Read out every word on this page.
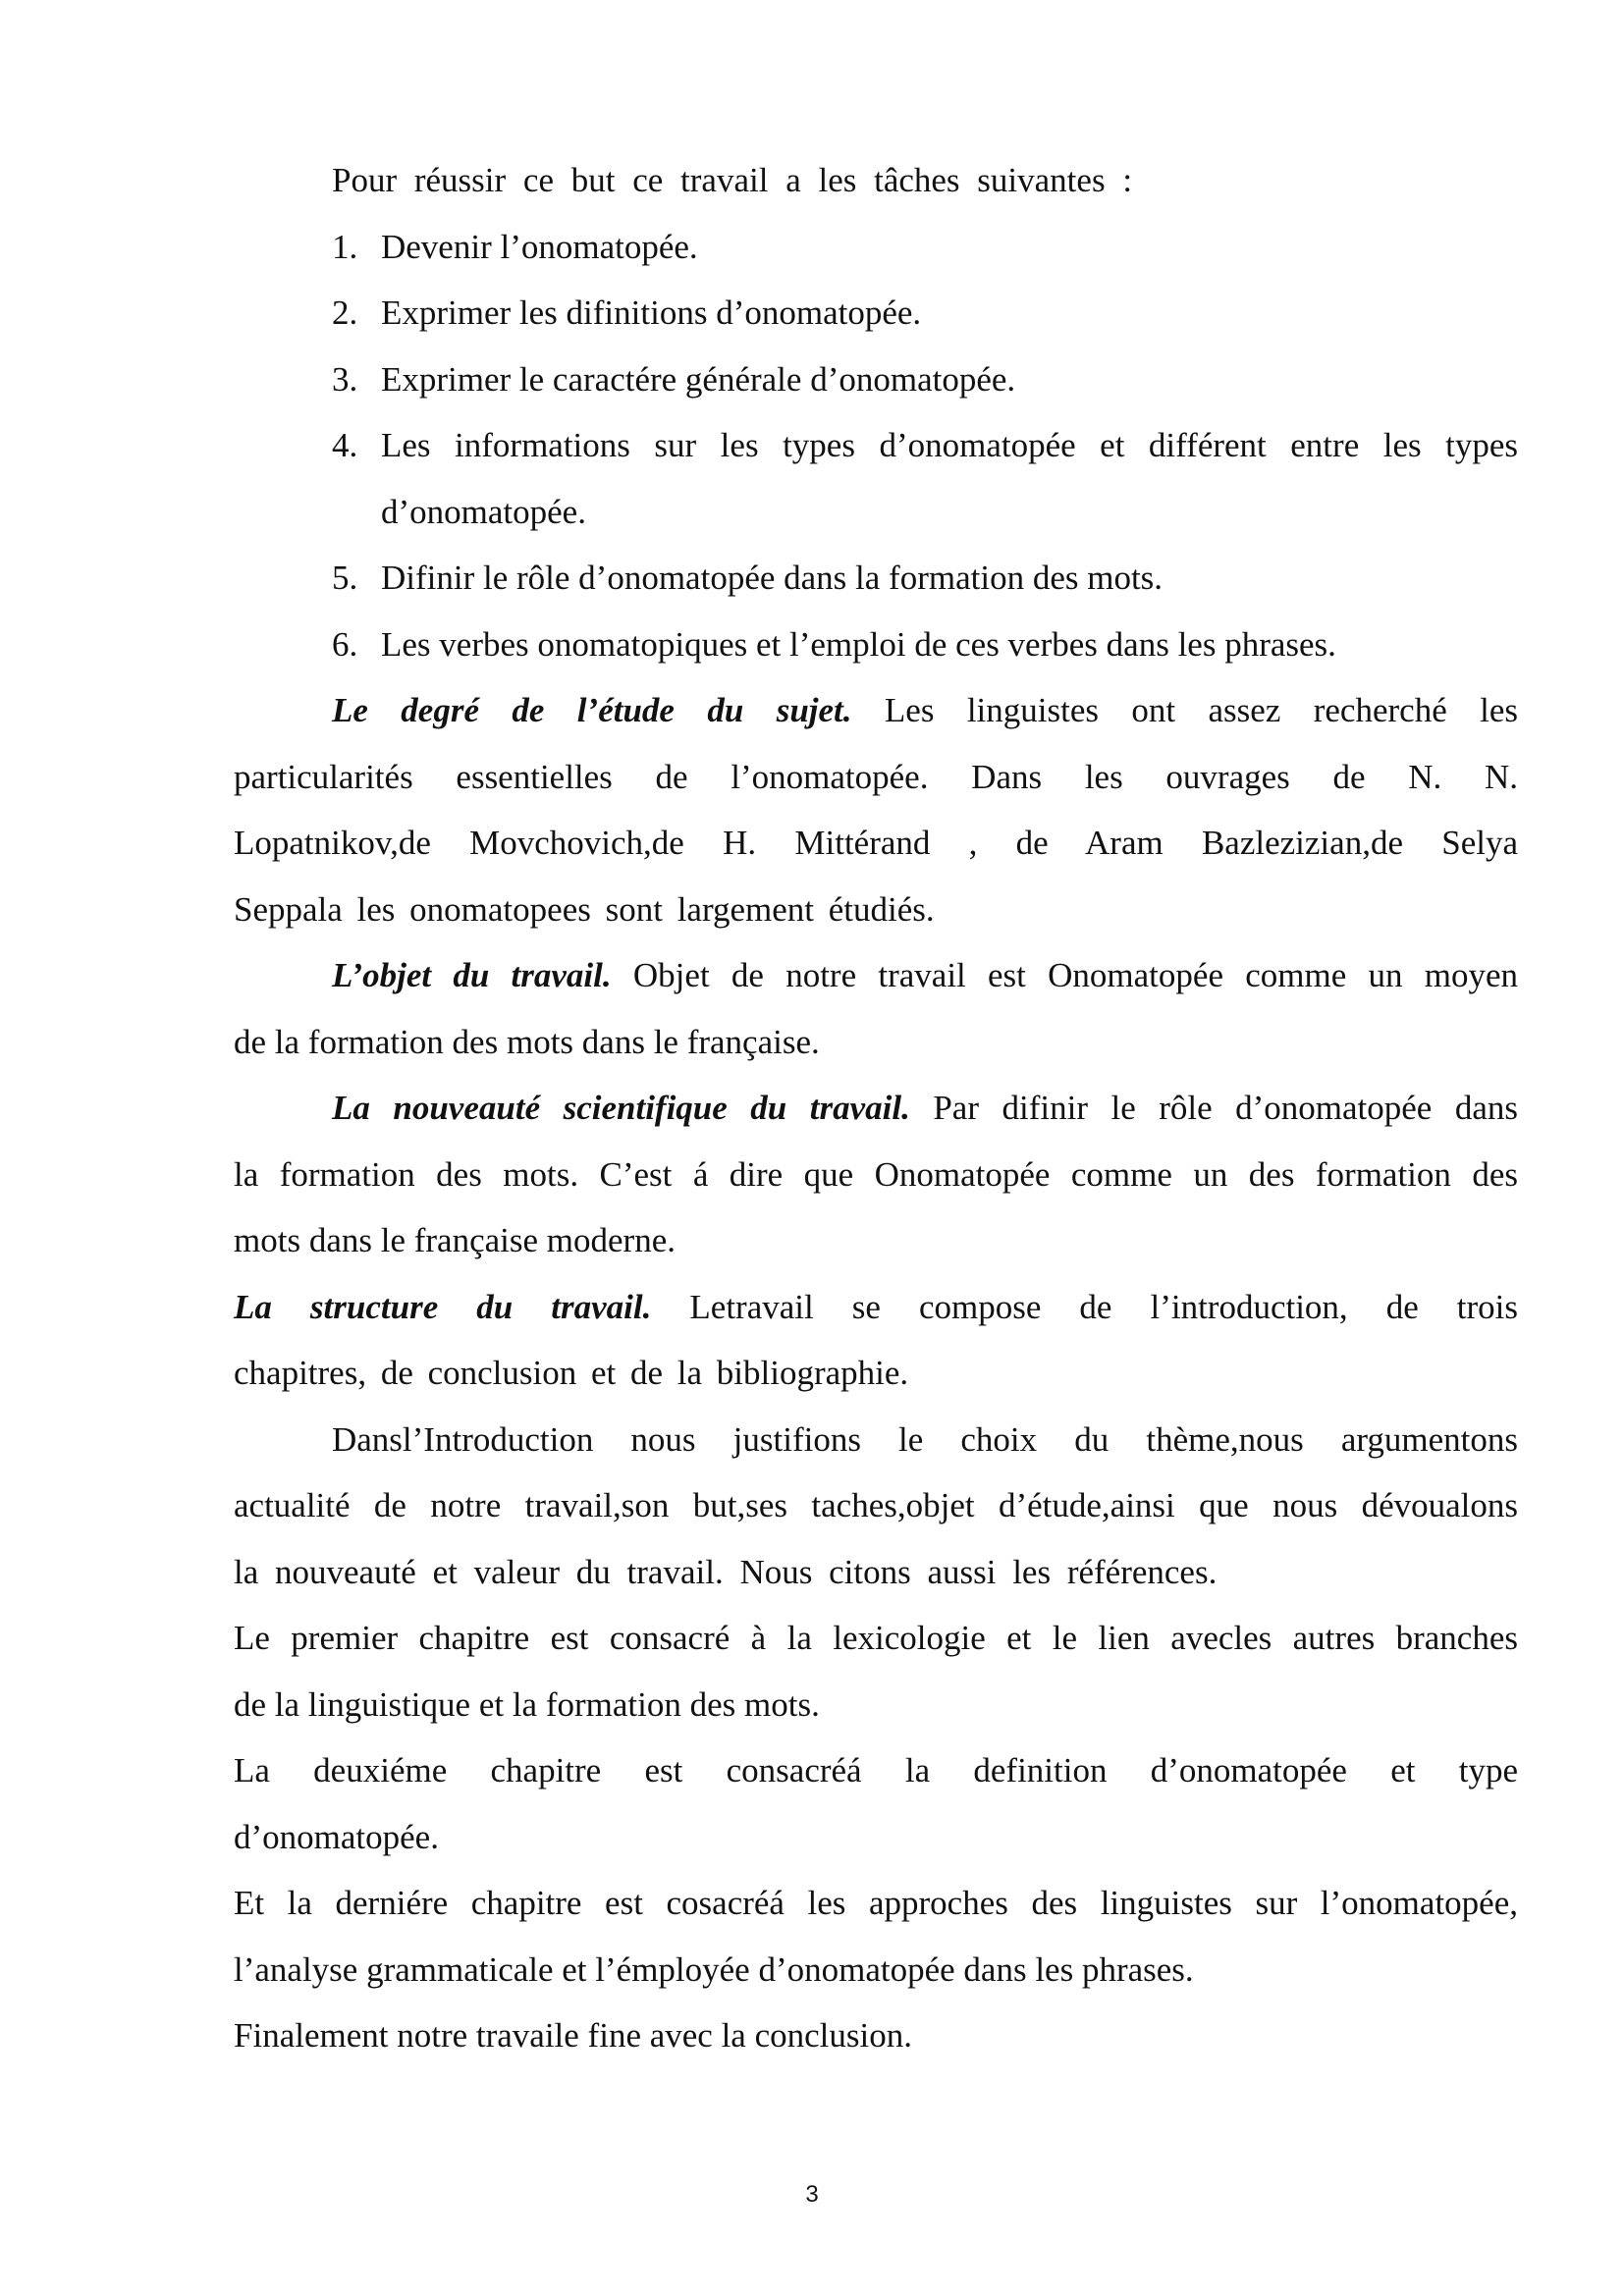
Pour réussir ce but ce travail a les tâches suivantes :
1. Devenir l’onomatopée.
2. Exprimer les difinitions d’onomatopée.
3. Exprimer le caractére générale d’onomatopée.
4. Les informations sur les types d’onomatopée et différent entre les types
d’onomatopée.
5. Difinir le rôle d’onomatopée dans la formation des mots.
6. Les verbes onomatopiques et l’emploi de ces verbes dans les phrases.
Le degré de l’étude du sujet. Les linguistes ont assez recherché les
particularités essentielles de l’onomatopée. Dans les ouvrages de N. N.
Lopatnikov,de Movchovich,de H. Mittérand , de Aram Bazlezizian,de Selya
Seppala les onomatopees sont largement étudiés.
L’objet du travail. Objet de notre travail est Onomatopée comme un moyen
de la formation des mots dans le française.
La nouveauté scientifique du travail. Par difinir le rôle d’onomatopée dans
la formation des mots. C’est á dire que Onomatopée comme un des formation des
mots dans le française moderne.
La structure du travail. Letravail se compose de l’introduction, de trois
chapitres, de conclusion et de la bibliographie.
Dansl’Introduction nous justifions le choix du thème,nous argumentons
actualité de notre travail,son but,ses taches,objet d’étude,ainsi que nous dévoualons
la nouveauté et valeur du travail. Nous citons aussi les références.
Le premier chapitre est consacré à la lexicologie et le lien avecles autres branches
de la linguistique et la formation des mots.
La deuxiéme chapitre est consacréá la definition d’onomatopée et type
d’onomatopée.
Et la derniére chapitre est cosacréá les approches des linguistes sur l’onomatopée,
l’analyse grammaticale et l’émployée d’onomatopée dans les phrases.
Finalement notre travaile fine avec la conclusion.
3
